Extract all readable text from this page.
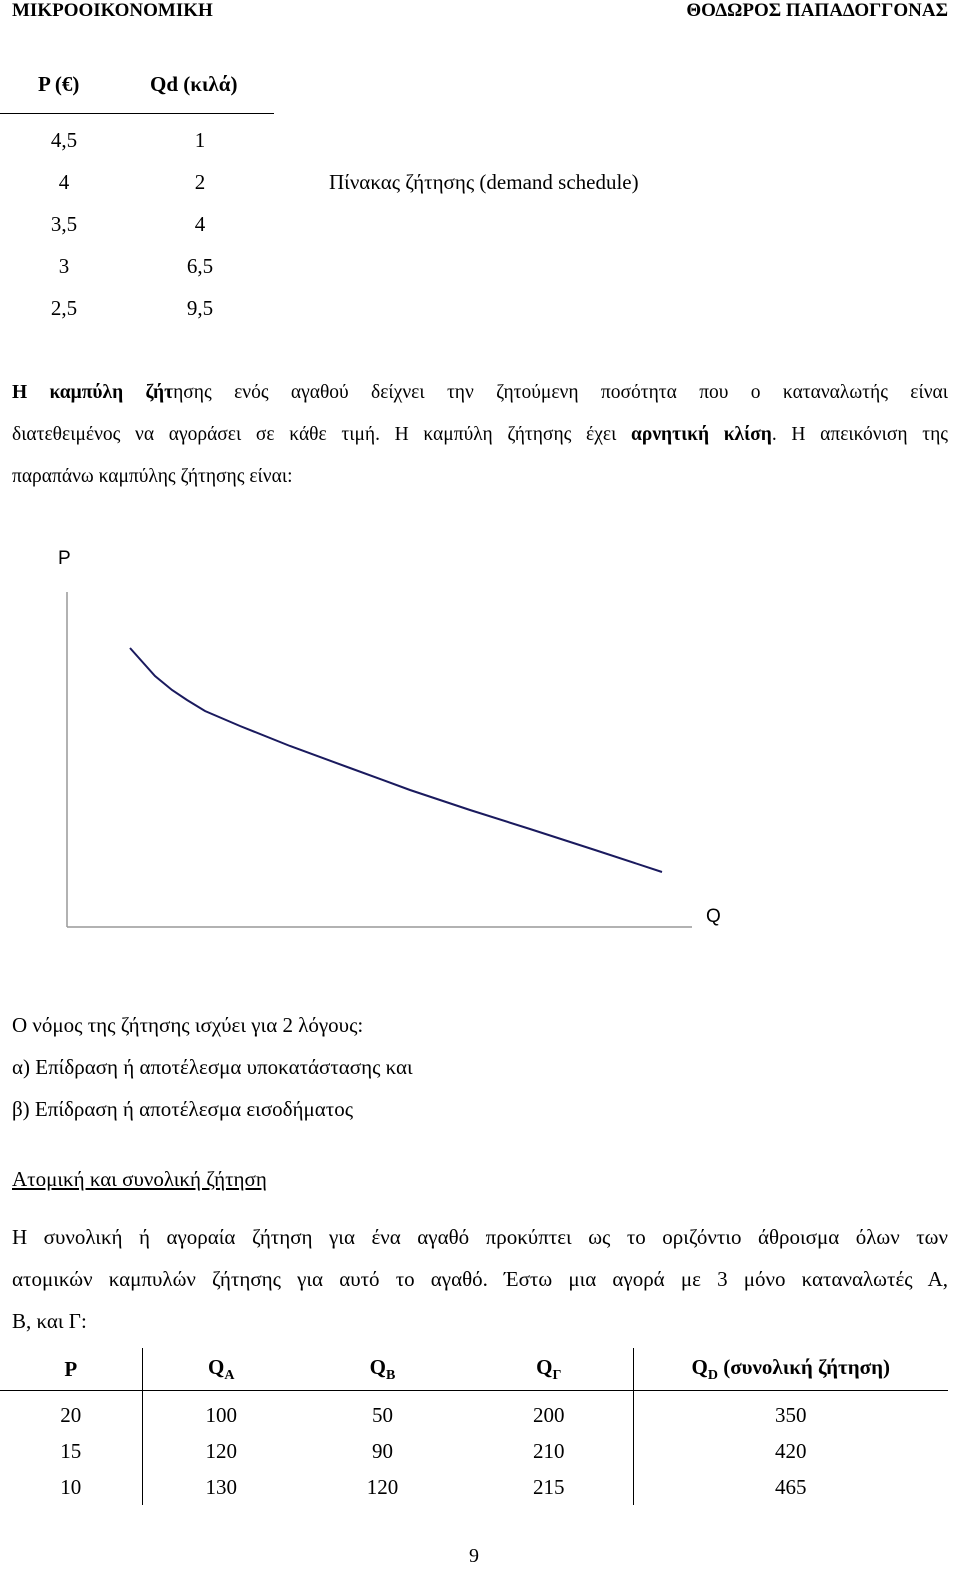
ΜΙΚΡΟΟΙΚΟΝΟΜΙΚΗ	ΘΟΔΩΡΟΣ ΠΑΠΑΔΟΓΓΟΝΑΣ
P (€)	Qd (κιλά)
4,5	1
4	2
3,5	4
3	6,5
2,5	9,5
Πίνακας ζήτησης (demand schedule)
Η καμπύλη ζήτησης ενός αγαθού δείχνει την ζητούμενη ποσότητα που ο καταναλωτής είναι
διατεθειμένος να αγοράσει σε κάθε τιμή. Η καμπύλη ζήτησης έχει αρνητική κλίση. Η απεικόνιση της
παραπάνω καμπύλης ζήτησης είναι:
P
Q
Ο νόμος της ζήτησης ισχύει για 2 λόγους:
α) Επίδραση ή αποτέλεσμα υποκατάστασης και
β) Επίδραση ή αποτέλεσμα εισοδήματος
Ατομική και συνολική ζήτηση
Η συνολική ή αγοραία ζήτηση για ένα αγαθό προκύπτει ως το οριζόντιο άθροισμα όλων των
ατομικών καμπυλών ζήτησης για αυτό το αγαθό. Έστω μια αγορά με 3 μόνο καταναλωτές Α,
Β, και Γ:
P	$Q_A$	$Q_B$	$Q_\Gamma$	$Q_D$ (συνολική ζήτηση)
20	100	50	200	350
15	120	90	210	420
10	130	120	215	465
9
